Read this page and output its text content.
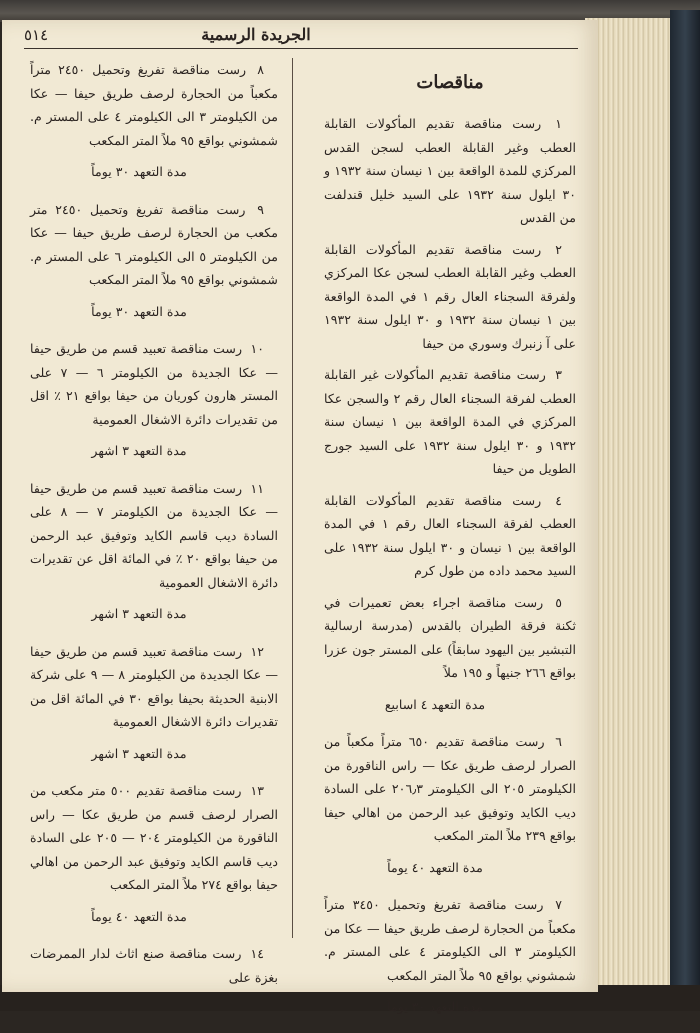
٥١٤	الجريدة الرسمية
مناقصات
١ رست مناقصة تقديم المأكولات القابلة العطب وغير القابلة العطب لسجن القدس المركزي للمدة الواقعة بين ١ نيسان سنة ١٩٣٢ و ٣٠ ايلول سنة ١٩٣٢ على السيد خليل قندلفت من القدس
٢ رست مناقصة تقديم المأكولات القابلة العطب وغير القابلة العطب لسجن عكا المركزي ولفرقة السجناء العال رقم ١ في المدة الواقعة بين ١ نيسان سنة ١٩٣٢ و ٣٠ ايلول سنة ١٩٣٢ على آ زنبرك وسوري من حيفا
٣ رست مناقصة تقديم المأكولات غير القابلة العطب لفرقة السجناء العال رقم ٢ والسجن عكا المركزي في المدة الواقعة بين ١ نيسان سنة ١٩٣٢ و ٣٠ ايلول سنة ١٩٣٢ على السيد جورج الطويل من حيفا
٤ رست مناقصة تقديم المأكولات القابلة العطب لفرقة السجناء العال رقم ١ في المدة الواقعة بين ١ نيسان و ٣٠ ايلول سنة ١٩٣٢ على السيد محمد داده من طول كرم
٥ رست مناقصة اجراء بعض تعميرات في ثكنة فرقة الطيران بالقدس (مدرسة ارسالية التبشير بين اليهود سابقاً) على المستر جون عزرا بواقع ٢٦٦ جنيهاً و ١٩٥ ملاً
مدة التعهد ٤ اسابيع
٦ رست مناقصة تقديم ٦٥٠ متراً مكعباً من الصرار لرصف طريق عكا — راس الناقورة من الكيلومتر ٢٠٥ الى الكيلومتر ٢٠٦٫٣ على السادة ديب الكايد وتوفيق عبد الرحمن من اهالي حيفا بواقع ٢٣٩ ملاً المتر المكعب
مدة التعهد ٤٠ يوماً
٧ رست مناقصة تفريغ وتحميل ٣٤٥٠ متراً مكعباً من الحجارة لرصف طريق حيفا — عكا من الكيلومتر ٣ الى الكيلومتر ٤ على المستر م. شمشوني بواقع ٩٥ ملاً المتر المكعب
مدة التعهد ٣٠ يوماً
٨ رست مناقصة تفريغ وتحميل ٢٤٥٠ متراً مكعباً من الحجارة لرصف طريق حيفا — عكا من الكيلومتر ٣ الى الكيلومتر ٤ على المستر م. شمشوني بواقع ٩٥ ملاً المتر المكعب
مدة التعهد ٣٠ يوماً
٩ رست مناقصة تفريغ وتحميل ٢٤٥٠ متر مكعب من الحجارة لرصف طريق حيفا — عكا من الكيلومتر ٥ الى الكيلومتر ٦ على المستر م. شمشوني بواقع ٩٥ ملاً المتر المكعب
مدة التعهد ٣٠ يوماً
١٠ رست مناقصة تعبيد قسم من طريق حيفا — عكا الجديدة من الكيلومتر ٦ — ٧ على المستر هارون كوريان من حيفا بواقع ٢١ ٪ اقل من تقديرات دائرة الاشغال العمومية
مدة التعهد ٣ اشهر
١١ رست مناقصة تعبيد قسم من طريق حيفا — عكا الجديدة من الكيلومتر ٧ — ٨ على السادة ديب قاسم الكايد وتوفيق عبد الرحمن من حيفا بواقع ٢٠ ٪ في المائة اقل عن تقديرات دائرة الاشغال العمومية
مدة التعهد ٣ اشهر
١٢ رست مناقصة تعبيد قسم من طريق حيفا — عكا الجديدة من الكيلومتر ٨ — ٩ على شركة الابنية الحديثة بحيفا بواقع ٣٠ في المائة اقل من تقديرات دائرة الاشغال العمومية
مدة التعهد ٣ اشهر
١٣ رست مناقصة تقديم ٥٠٠ متر مكعب من الصرار لرصف قسم من طريق عكا — راس الناقورة من الكيلومتر ٢٠٤ — ٢٠٥ على السادة ديب قاسم الكايد وتوفيق عبد الرحمن من اهالي حيفا بواقع ٢٧٤ ملاً المتر المكعب
مدة التعهد ٤٠ يوماً
١٤ رست مناقصة صنع اثاث لدار الممرضات بغزة على
